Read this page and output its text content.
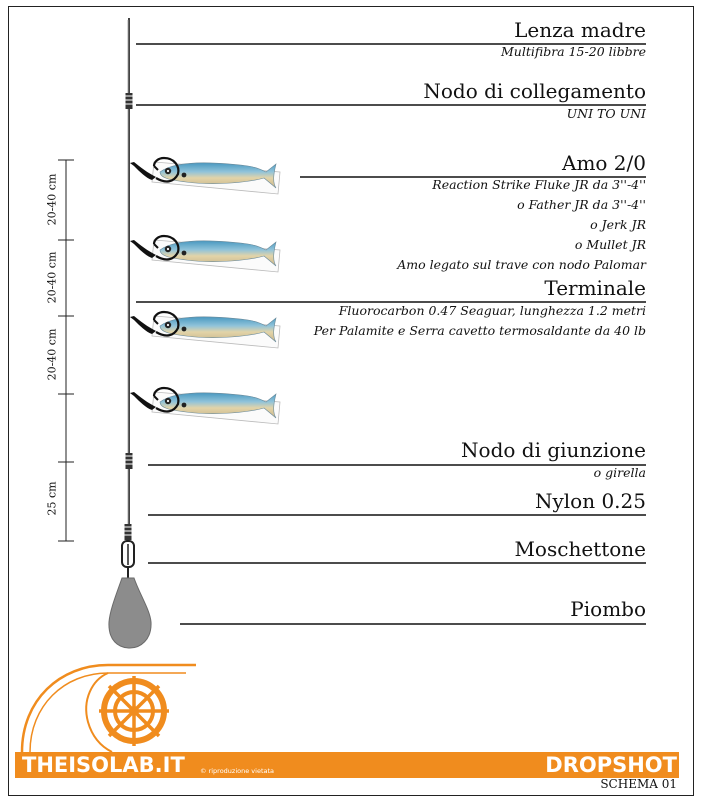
Lenza madre
Multifibra 15-20 libbre
Nodo di collegamento
UNI TO UNI
Amo 2/0
Reaction Strike Fluke JR da 3''-4''
o Father JR da 3''-4''
o Jerk JR
o Mullet JR
Amo legato sul trave con nodo Palomar
Terminale
Fluorocarbon 0.47 Seaguar, lunghezza 1.2 metri
Per Palamite e Serra cavetto termosaldante da 40 lb
Nodo di giunzione
o girella
Nylon 0.25
Moschettone
Piombo
20-40 cm
20-40 cm
20-40 cm
25 cm
THEISOLAB.IT © riproduzione vietata	DROPSHOT
SCHEMA 01
